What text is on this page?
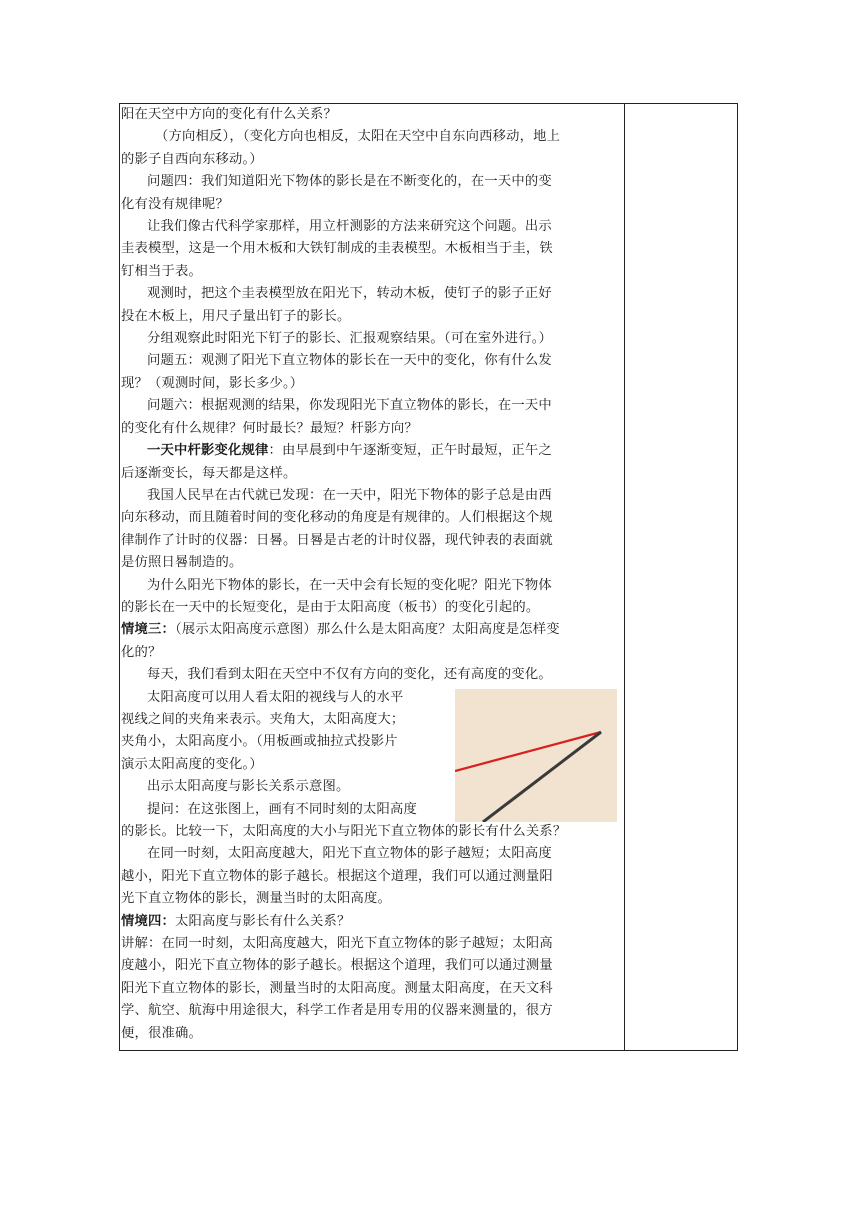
阳在天空中方向的变化有什么关系？

（方向相反），（变化方向也相反，太阳在天空中自东向西移动，地上

的影子自西向东移动。）

问题四：我们知道阳光下物体的影长是在不断变化的，在一天中的变

化有没有规律呢？

让我们像古代科学家那样，用立杆测影的方法来研究这个问题。出示

圭表模型，这是一个用木板和大铁钉制成的圭表模型。木板相当于圭，铁

钉相当于表。

观测时，把这个圭表模型放在阳光下，转动木板，使钉子的影子正好

投在木板上，用尺子量出钉子的影长。

分组观察此时阳光下钉子的影长、汇报观察结果。（可在室外进行。）

问题五：观测了阳光下直立物体的影长在一天中的变化，你有什么发

现？（观测时间，影长多少。）

问题六：根据观测的结果，你发现阳光下直立物体的影长，在一天中

的变化有什么规律？何时最长？最短？杆影方向？

一天中杆影变化规律：由早晨到中午逐渐变短，正午时最短，正午之

后逐渐变长，每天都是这样。

我国人民早在古代就已发现：在一天中，阳光下物体的影子总是由西

向东移动，而且随着时间的变化移动的角度是有规律的。人们根据这个规

律制作了计时的仪器：日晷。日晷是古老的计时仪器，现代钟表的表面就

是仿照日晷制造的。

为什么阳光下物体的影长，在一天中会有长短的变化呢？阳光下物体

的影长在一天中的长短变化，是由于太阳高度（板书）的变化引起的。

情境三：（展示太阳高度示意图）那么什么是太阳高度？太阳高度是怎样变

化的？

每天，我们看到太阳在天空中不仅有方向的变化，还有高度的变化。

太阳高度可以用人看太阳的视线与人的水平

视线之间的夹角来表示。夹角大，太阳高度大；

夹角小，太阳高度小。（用板画或抽拉式投影片

演示太阳高度的变化。）

出示太阳高度与影长关系示意图。

提问：在这张图上，画有不同时刻的太阳高度

的影长。比较一下，太阳高度的大小与阳光下直立物体的影长有什么关系？

在同一时刻，太阳高度越大，阳光下直立物体的影子越短；太阳高度

越小，阳光下直立物体的影子越长。根据这个道理，我们可以通过测量阳

光下直立物体的影长，测量当时的太阳高度。

情境四：太阳高度与影长有什么关系？

讲解：在同一时刻，太阳高度越大，阳光下直立物体的影子越短；太阳高

度越小，阳光下直立物体的影子越长。根据这个道理，我们可以通过测量

阳光下直立物体的影长，测量当时的太阳高度。测量太阳高度，在天文科

学、航空、航海中用途很大，科学工作者是用专用的仪器来测量的，很方

便，很准确。
